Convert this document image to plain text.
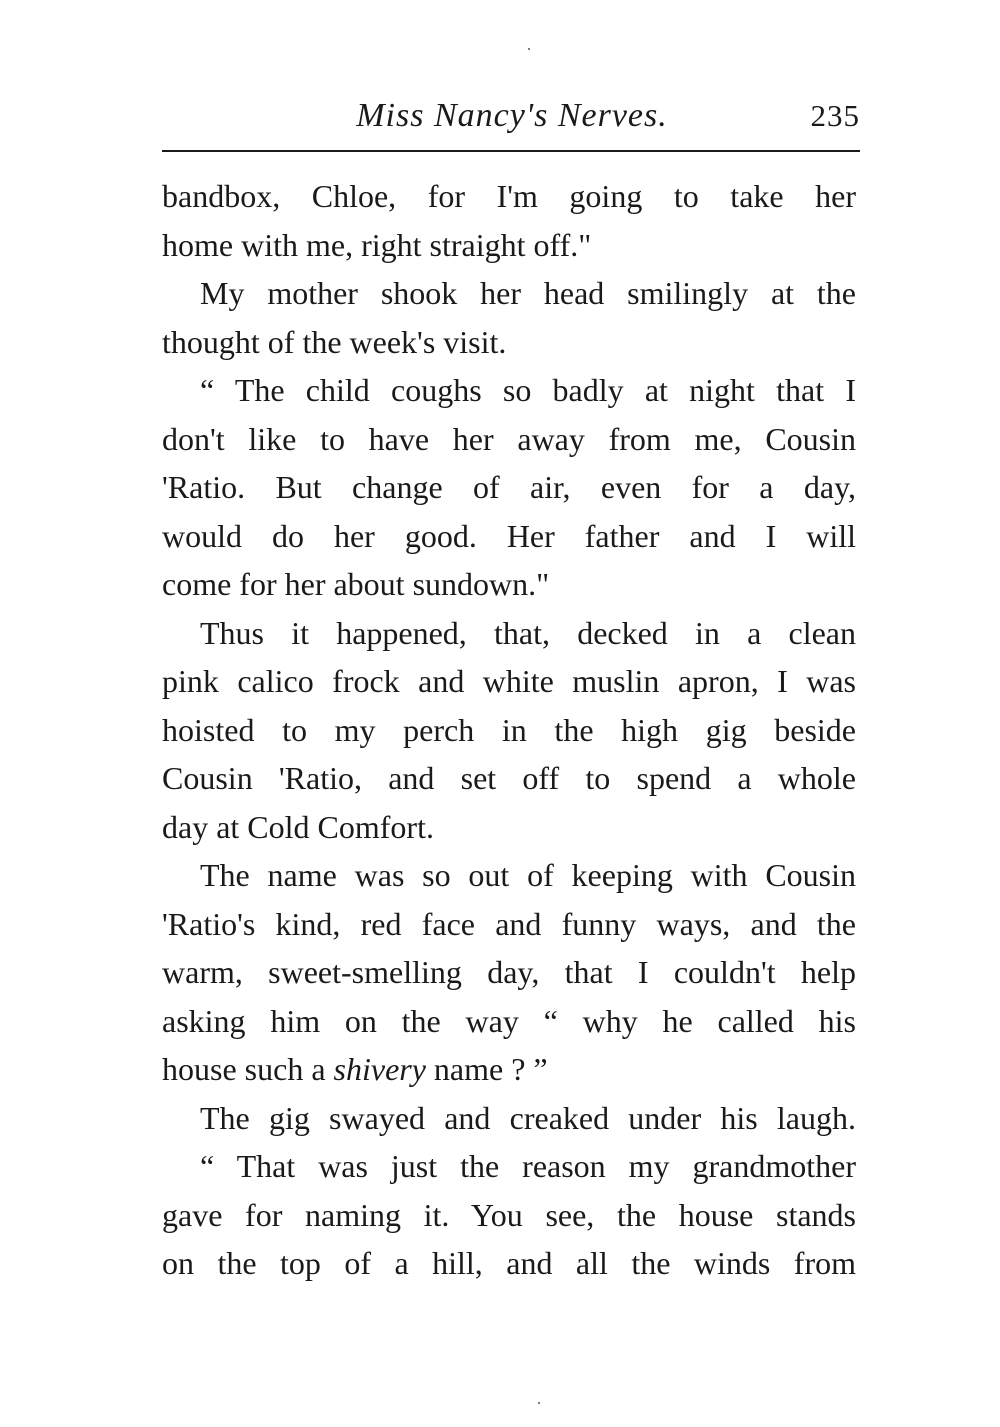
Miss Nancy's Nerves.	235
bandbox, Chloe, for I'm going to take her
home with me, right straight off."
My mother shook her head smilingly at the
thought of the week's visit.
“ The child coughs so badly at night that I
don't like to have her away from me, Cousin
'Ratio. But change of air, even for a day,
would do her good. Her father and I will
come for her about sundown."
Thus it happened, that, decked in a clean
pink calico frock and white muslin apron, I was
hoisted to my perch in the high gig beside
Cousin 'Ratio, and set off to spend a whole
day at Cold Comfort.
The name was so out of keeping with Cousin
'Ratio's kind, red face and funny ways, and the
warm, sweet-smelling day, that I couldn't help
asking him on the way “ why he called his
house such a shivery name ? ”
The gig swayed and creaked under his laugh.
“ That was just the reason my grandmother
gave for naming it. You see, the house stands
on the top of a hill, and all the winds from
